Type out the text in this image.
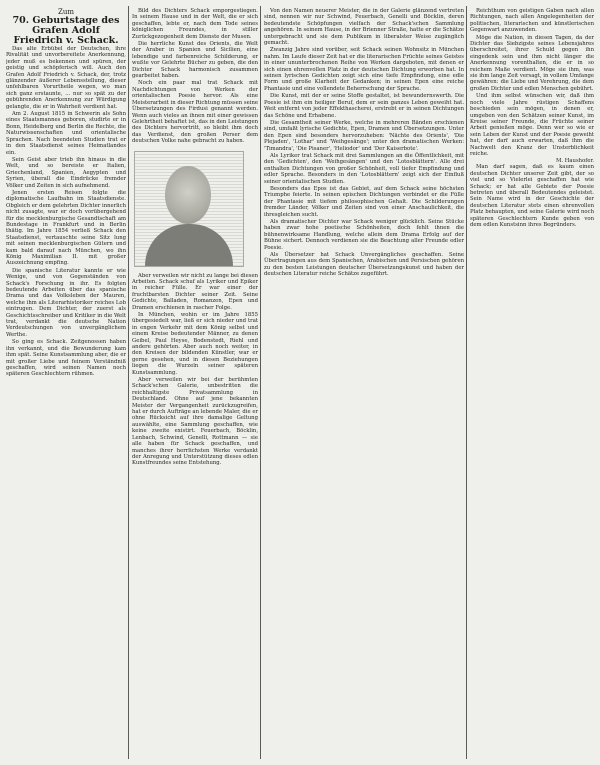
Zum
70. Geburtstage des Grafen Adolf Friedrich v. Schack.

Das alte Erbübel der Deutschen, ihre Rivalität und unvorbereitete Anerkennung, jeder muß es bekennen und spüren, der geistig und schöpferisch will. Auch den Grafen Adolf Friedrich v. Schack, der, trotz glänzender äußerer Lebensstellung, dieser unfehlbaren Vorurtheile wegen, wo man sich ganz erstaunte, ... nur so spät zu der gebührenden Anerkennung zur Würdigung gelangte, die er in Wahrheit verdient hat.

Am 2. August 1815 in Schwerin als Sohn eines Staatsmannes geboren, studirte er in Bonn, Heidelberg und Berlin die Rechte, die Naturwissenschaften und orientalische Sprachen. Nach beendeten Studien trat er in den Staatsdienst seines Heimatlandes ein.

Sein Geist aber trieb ihn hinaus in die Welt, und so bereiste er Italien, Griechenland, Spanien, Aegypten und Syrien, überall die Eindrücke fremder Völker und Zeiten in sich aufnehmend.

Jenen ersten Reisen folgte die diplomatische Laufbahn im Staatsdienste. Obgleich er dem gelehrten Dichter innerlich nicht zusagte, war er doch vorübergehend für die mecklenburgische Gesandtschaft am Bundestage in Frankfurt und in Berlin thätig. Im Jahre 1854 verließ Schack den Staatsdienst, vertauschte seine Sitz lung mit seinen mecklenburgischen Gütern und kam bald darauf nach München, wo ihn König Maximilian II. mit großer Auszeichnung empfing.

Die spanische Literatur kannte er wie Wenige, und von Gegenständen von Schack's Forschung in ihr. Es folgten bedeutende Arbeiten über das spanische Drama und das Volksleben der Mauren, welche ihm als Literarhistoriker reiches Lob eintrugen. Dem Dichter, der zuerst als Geschichtsschreiber und Kritiker in die Welt trat, verdankt die deutsche Nation Verdeutschungen von unvergänglichem Werthe.

So ging es Schack. Zeitgenossen haben ihn verkannt, und die Bewunderung kam ihm spät. Seine Kunstsammlung aber, die er mit großer Liebe und feinem Verständniß geschaffen, wird seinen Namen noch späteren Geschlechtern rühmen.

Bild des Dichters Schack emporgestiegen. In seinem Hause und in der Welt, die er sich geschaffen, lebte er, nach dem Tode seines königlichen Freundes, in stiller Zurückgezogenheit dem Dienste der Musen.

Die herrliche Kunst des Orients, die Welt der Araber in Spanien und Sicilien, eine lebendige und farbenreiche Schilderung, er wußte vor Gelehrte Bücher zu geben, die den Dichter Schack harmonisch zusammen gearbeitet haben.

Noch ein paar mal trat Schack mit Nachdichtungen von Werken der orientalischen Poesie hervor. Als eine Meisterarbeit in dieser Richtung müssen seine Übersetzungen des Firdusi genannt werden. Wenn auch vieles an ihnen mit einer gewissen Gelehrtheit behaftet ist, das in den Leistungen des Dichters hervortritt, so bleibt ihm doch das Verdienst, den großen Perser dem deutschen Volke nahe gebracht zu haben.

Aber verweilen wir nicht zu lange bei diesen Arbeiten. Schack schuf als Lyriker und Epiker in reicher Fülle. Er war einer der fruchtbarsten Dichter seiner Zeit. Seine Gedichte, Balladen, Romanzen, Epen und Dramen erschienen in rascher Folge.

In München, wohin er im Jahre 1855 übergesiedelt war, ließ er sich nieder und trat in engen Verkehr mit dem König selbst und einem Kreise bedeutender Männer, zu denen Geibel, Paul Heyse, Bodenstedt, Riehl und andere gehörten. Aber auch noch weiter, in den Kreisen der bildenden Künstler, war er gerne gesehen, und in diesen Beziehungen liegen die Wurzeln seiner späteren Kunstsammlung.

Aber verweilen wir bei der berühmten Schack'schen Galerie, unbestritten die reichhaltigste Privatsammlung in Deutschland. Ohne auf jene bekannten Meister der Vergangenheit zurückzugreifen, hat er durch Aufträge an lebende Maler, die er ohne Rücksicht auf ihre damalige Geltung auswählte, eine Sammlung geschaffen, wie keine zweite existirt. Feuerbach, Böcklin, Lenbach, Schwind, Genelli, Rottmann — sie alle haben für Schack geschaffen, und manches ihrer herrlichsten Werke verdankt der Anregung und Unterstützung dieses edlen Kunstfreundes seine Entstehung.

Von den Namen neuerer Meister, die in der Galerie glänzend vertreten sind, nennen wir nur Schwind, Feuerbach, Genelli und Böcklin, deren bedeutendste Schöpfungen vielfach der Schack'schen Sammlung angehören. In seinem Hause, in der Brienner Straße, hatte er die Schätze untergebracht und sie dem Publikum in liberalster Weise zugänglich gemacht.

Zwanzig Jahre sind vorüber, seit Schack seinen Wohnsitz in München nahm. Im Laufe dieser Zeit hat er die literarischen Früchte seines Geistes in einer ununterbrochenen Reihe von Werken dargeboten, mit denen er sich einen ehrenvollen Platz in der deutschen Dichtung erworben hat. In seinen lyrischen Gedichten zeigt sich eine tiefe Empfindung, eine edle Form und große Klarheit der Gedanken; in seinen Epen eine reiche Phantasie und eine vollendete Beherrschung der Sprache.

Die Kunst, mit der er seine Stoffe gestaltet, ist bewundernswerth. Die Poesie ist ihm ein heiliger Beruf, dem er sein ganzes Leben geweiht hat. Weit entfernt von jeder Effekthascherei, erstrebt er in seinen Dichtungen das Schöne und Erhabene.

Die Gesamtheit seiner Werke, welche in mehreren Bänden erschienen sind, umfaßt lyrische Gedichte, Epen, Dramen und Übersetzungen. Unter den Epen sind besonders hervorzuheben: 'Nächte des Orients', 'Die Plejaden', 'Lothar' und 'Weihgesänge'; unter den dramatischen Werken: 'Timandra', 'Die Pisaner', 'Heliodor' und 'Der Kaiserbote'.

Als Lyriker trat Schack mit drei Sammlungen an die Öffentlichkeit, mit den 'Gedichten', den 'Weihgesängen' und den 'Lotosblättern'. Alle drei enthalten Dichtungen von großer Schönheit, voll tiefer Empfindung und edler Sprache. Besonders in den 'Lotosblättern' zeigt sich der Einfluß seiner orientalischen Studien.

Besonders das Epos ist das Gebiet, auf dem Schack seine höchsten Triumphe feierte. In seinen epischen Dichtungen verbindet er die Fülle der Phantasie mit tiefem philosophischen Gehalt. Die Schilderungen fremder Länder, Völker und Zeiten sind von einer Anschaulichkeit, die ihresgleichen sucht.

Als dramatischer Dichter war Schack weniger glücklich. Seine Stücke haben zwar hohe poetische Schönheiten, doch fehlt ihnen die bühnenwirksame Handlung, welche allein dem Drama Erfolg auf der Bühne sichert. Dennoch verdienen sie die Beachtung aller Freunde edler Poesie.

Als Übersetzer hat Schack Unvergängliches geschaffen. Seine Übertragungen aus dem Spanischen, Arabischen und Persischen gehören zu den besten Leistungen deutscher Übersetzungskunst und haben der deutschen Literatur reiche Schätze zugeführt.

Reichthum von geistigen Gaben nach allen Richtungen, nach allen Angelegenheiten der politischen, literarischen und künstlerischen Gegenwart anzuwenden.

Möge die Nation, in diesen Tagen, da der Dichter das Siebzigste seines Lebensjahres überschreitet, ihrer Schuld gegen ihn eingedenk sein und ihm nicht länger die Anerkennung vorenthalten, die er in so reichem Maße verdient. Möge sie ihm, was sie ihm lange Zeit versagt, in vollem Umfange gewähren: die Liebe und Verehrung, die dem großen Dichter und edlen Menschen gebührt.

Und ihm selbst wünschen wir, daß ihm noch viele Jahre rüstigen Schaffens beschieden sein mögen, in denen er, umgeben von den Schätzen seiner Kunst, im Kreise seiner Freunde, die Früchte seiner Arbeit genießen möge. Denn wer so wie er sein Leben der Kunst und der Poesie geweiht hat, der darf auch erwarten, daß ihm die Nachwelt den Kranz der Unsterblichkeit reiche.

M. Haushofer.

Man darf sagen, daß es kaum einen deutschen Dichter unserer Zeit gibt, der so viel und so Vielerlei geschaffen hat wie Schack; er hat alle Gebiete der Poesie betreten und überall Bedeutendes geleistet. Sein Name wird in der Geschichte der deutschen Literatur stets einen ehrenvollen Platz behaupten, und seine Galerie wird noch späteren Geschlechtern Kunde geben von dem edlen Kunstsinn ihres Begründers.
